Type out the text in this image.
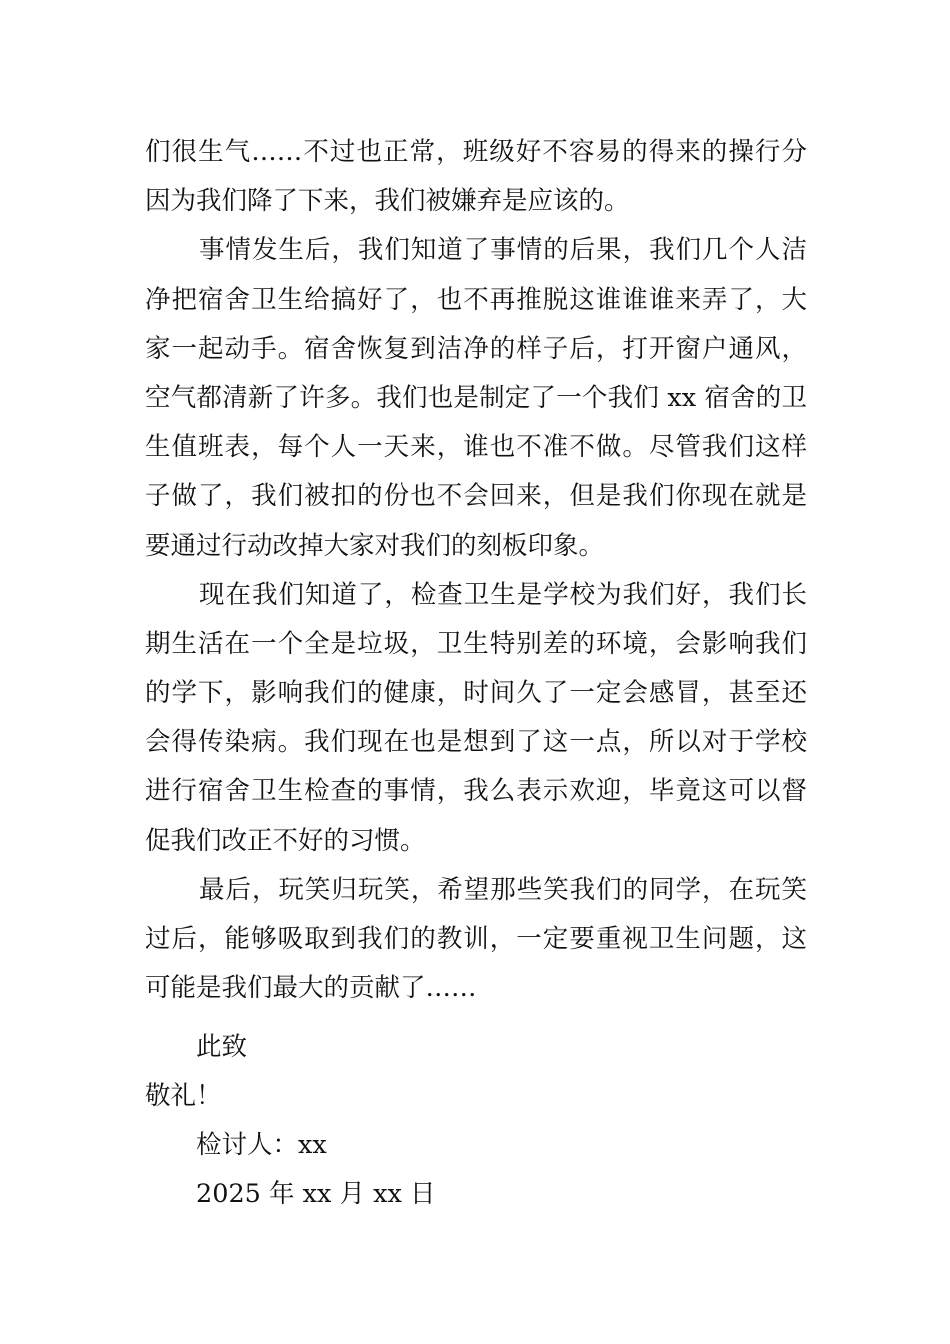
们很生气……不过也正常，班级好不容易的得来的操行分
因为我们降了下来，我们被嫌弃是应该的。
事情发生后，我们知道了事情的后果，我们几个人洁
净把宿舍卫生给搞好了，也不再推脱这谁谁谁来弄了，大
家一起动手。宿舍恢复到洁净的样子后，打开窗户通风，
空气都清新了许多。我们也是制定了一个我们 xx 宿舍的卫
生值班表，每个人一天来，谁也不准不做。尽管我们这样
子做了，我们被扣的份也不会回来，但是我们你现在就是
要通过行动改掉大家对我们的刻板印象。
现在我们知道了，检查卫生是学校为我们好，我们长
期生活在一个全是垃圾，卫生特别差的环境，会影响我们
的学下，影响我们的健康，时间久了一定会感冒，甚至还
会得传染病。我们现在也是想到了这一点，所以对于学校
进行宿舍卫生检查的事情，我么表示欢迎，毕竟这可以督
促我们改正不好的习惯。
最后，玩笑归玩笑，希望那些笑我们的同学，在玩笑
过后，能够吸取到我们的教训，一定要重视卫生问题，这
可能是我们最大的贡献了……
此致
敬礼！
检讨人：xx
2025 年 xx 月 xx 日
